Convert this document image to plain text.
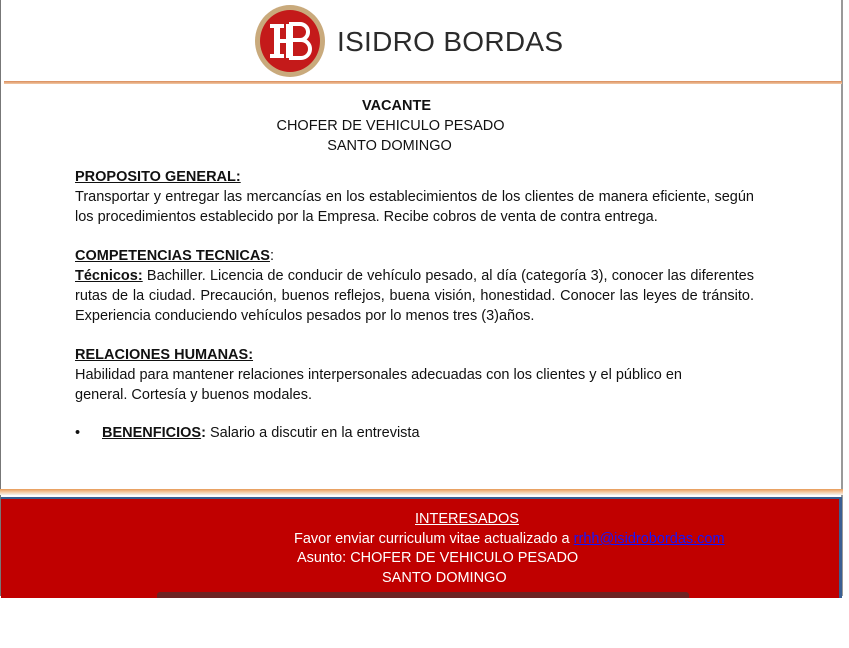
ISIDRO BORDAS
VACANTE
CHOFER DE VEHICULO PESADO
SANTO DOMINGO
PROPOSITO GENERAL:

Transportar y entregar las mercancías en los establecimientos de los clientes de manera eficiente, según los procedimientos establecido por la Empresa. Recibe cobros de venta de contra entrega.

COMPETENCIAS TECNICAS:

Técnicos: Bachiller. Licencia de conducir de vehículo pesado, al día (categoría 3), conocer las diferentes rutas de la ciudad. Precaución, buenos reflejos, buena visión, honestidad. Conocer las leyes de tránsito. Experiencia conduciendo vehículos pesados por lo menos tres (3)años.

RELACIONES HUMANAS:

Habilidad para mantener relaciones interpersonales adecuadas con los clientes y el público en general. Cortesía y buenos modales.

• BENENFICIOS: Salario a discutir en la entrevista
INTERESADOS
Favor enviar curriculum vitae actualizado a rrhh@isidrobordas.com
Asunto: CHOFER DE VEHICULO PESADO
SANTO DOMINGO
